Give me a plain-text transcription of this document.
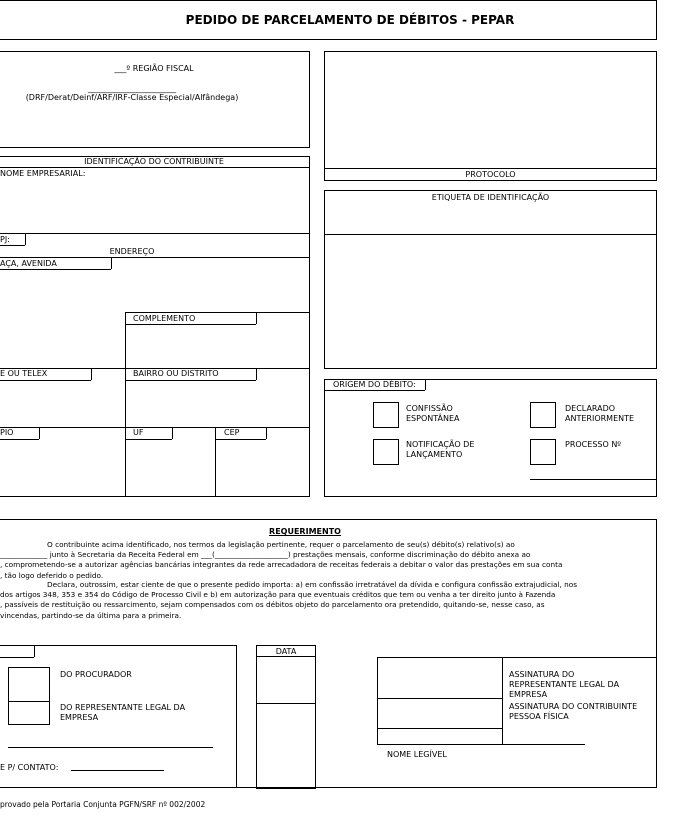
PEDIDO DE PARCELAMENTO DE DÉBITOS - PEPAR
___º REGIÃO FISCAL
______________________
(DRF/Derat/Deinf/ARF/IRF-Classe Especial/Alfândega)
PROTOCOLO
IDENTIFICAÇÃO DO CONTRIBUINTE
NOME EMPRESARIAL:
PJ:
ENDEREÇO
AÇA, AVENIDA
COMPLEMENTO
E OU TELEX	BAIRRO OU DISTRITO
PIO	UF	CEP
ETIQUETA DE IDENTIFICAÇÃO
ORIGEM DO DÉBITO:
CONFISSÃO
ESPONTÂNEA
DECLARADO
ANTERIORMENTE
NOTIFICAÇÃO DE
LANÇAMENTO
PROCESSO Nº
REQUERIMENTO
O contribuinte acima identificado, nos termos da legislação pertinente, requer o parcelamento de seu(s) débito(s) relativo(s) ao
_____________ junto à Secretaria da Receita Federal em ___(____________________) prestações mensais, conforme discriminação do débito anexa ao
, comprometendo-se a autorizar agências bancárias integrantes da rede arrecadadora de receitas federais a debitar o valor das prestações em sua conta
, tão logo deferido o pedido.
Declara, outrossim, estar ciente de que o presente pedido importa: a) em confissão irretratável da dívida e configura confissão extrajudicial, nos
dos artigos 348, 353 e 354 do Código de Processo Civil e b) em autorização para que eventuais créditos que tem ou venha a ter direito junto à Fazenda
, passíveis de restituição ou ressarcimento, sejam compensados com os débitos objeto do parcelamento ora pretendido, quitando-se, nesse caso, as
vincendas, partindo-se da última para a primeira.
DO PROCURADOR
DO REPRESENTANTE LEGAL DA
EMPRESA
E P/ CONTATO:
DATA
ASSINATURA DO
REPRESENTANTE LEGAL DA
EMPRESA
ASSINATURA DO CONTRIBUINTE
PESSOA FÍSICA
NOME LEGÍVEL
provado pela Portaria Conjunta PGFN/SRF nº 002/2002
